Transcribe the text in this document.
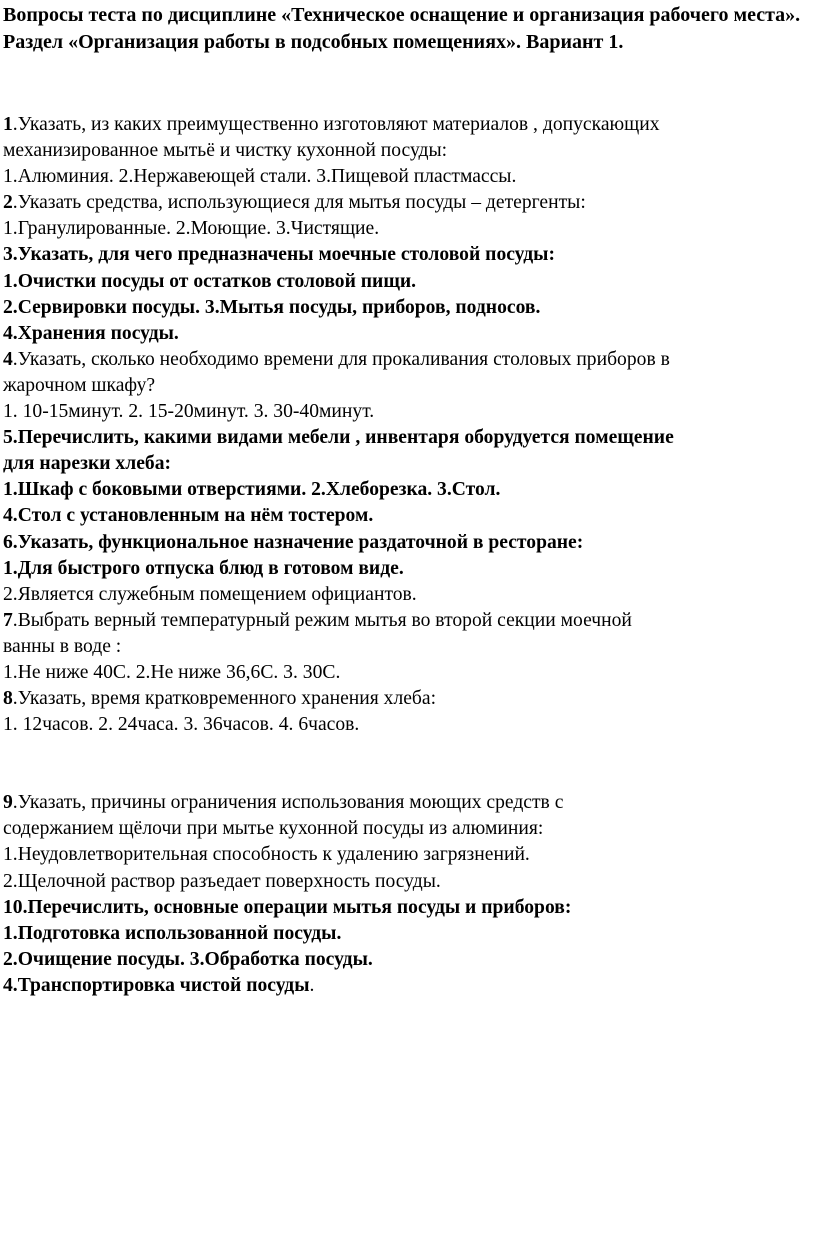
Вопросы теста по дисциплине «Техническое оснащение и организация рабочего места». Раздел «Организация работы в подсобных помещениях». Вариант 1.
1.Указать, из каких преимущественно изготовляют материалов , допускающих
механизированное мытьё и чистку кухонной посуды:
1.Алюминия. 2.Нержавеющей стали. 3.Пищевой пластмассы.
2.Указать средства, использующиеся для мытья посуды – детергенты:
1.Гранулированные. 2.Моющие. 3.Чистящие.
3.Указать, для чего предназначены моечные столовой посуды:
1.Очистки посуды от остатков столовой пищи.
2.Сервировки посуды. 3.Мытья посуды, приборов, подносов.
4.Хранения посуды.
4.Указать, сколько необходимо времени для прокаливания столовых приборов в
жарочном шкафу?
1. 10-15минут. 2. 15-20минут. 3. 30-40минут.
5.Перечислить, какими видами мебели , инвентаря оборудуется помещение
для нарезки хлеба:
1.Шкаф с боковыми отверстиями. 2.Хлеборезка. 3.Стол.
4.Стол с установленным на нём тостером.
6.Указать, функциональное назначение раздаточной в ресторане:
1.Для быстрого отпуска блюд в готовом виде.
2.Является служебным помещением официантов.
7.Выбрать верный температурный режим мытья во второй секции моечной
ванны в воде :
1.Не ниже 40С. 2.Не ниже 36,6С. 3. 30С.
8.Указать, время кратковременного хранения хлеба:
1. 12часов. 2. 24часа. 3. 36часов. 4. 6часов.
9.Указать, причины ограничения использования моющих средств с
содержанием щёлочи при мытье кухонной посуды из алюминия:
1.Неудовлетворительная способность к удалению загрязнений.
2.Щелочной раствор разъедает поверхность посуды.
10.Перечислить, основные операции мытья посуды и приборов:
1.Подготовка использованной посуды.
2.Очищение посуды. 3.Обработка посуды.
4.Транспортировка чистой посуды.
